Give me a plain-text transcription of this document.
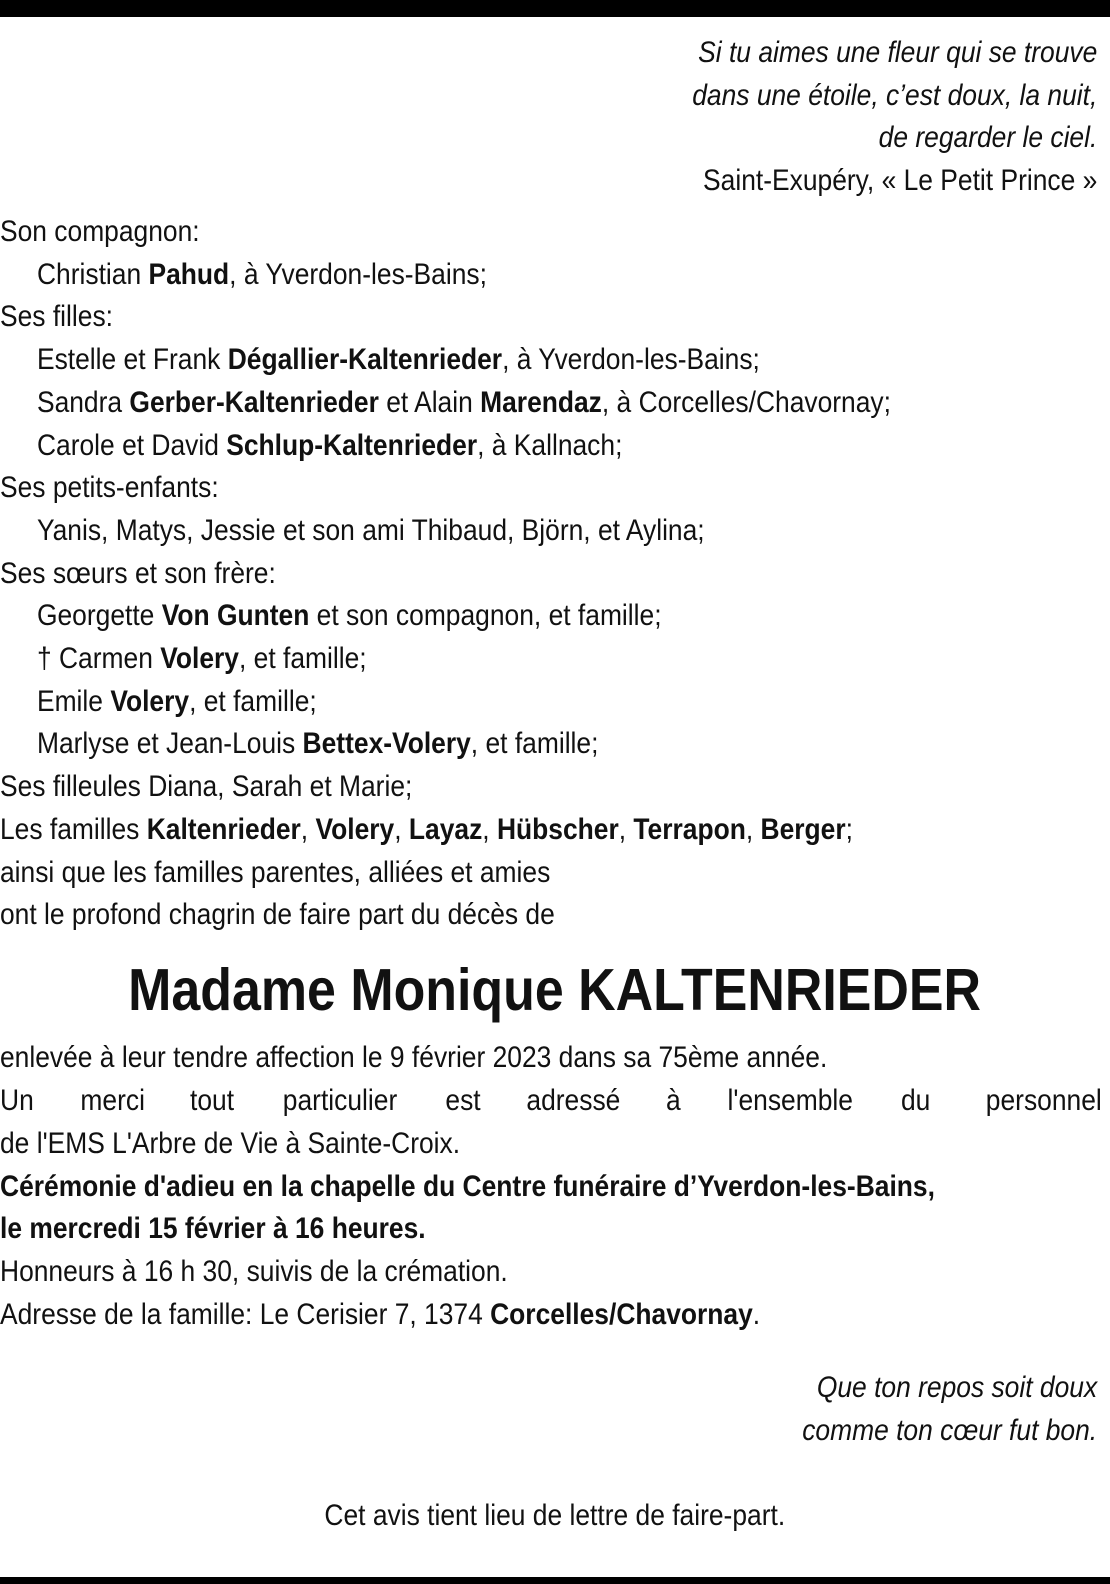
Si tu aimes une fleur qui se trouve
dans une étoile, c’est doux, la nuit,
de regarder le ciel.
Saint-Exupéry, « Le Petit Prince »
Son compagnon:
Christian Pahud, à Yverdon-les-Bains;
Ses filles:
Estelle et Frank Dégallier-Kaltenrieder, à Yverdon-les-Bains;
Sandra Gerber-Kaltenrieder et Alain Marendaz, à Corcelles/Chavornay;
Carole et David Schlup-Kaltenrieder, à Kallnach;
Ses petits-enfants:
Yanis, Matys, Jessie et son ami Thibaud, Björn, et Aylina;
Ses sœurs et son frère:
Georgette Von Gunten et son compagnon, et famille;
† Carmen Volery, et famille;
Emile Volery, et famille;
Marlyse et Jean-Louis Bettex-Volery, et famille;
Ses filleules Diana, Sarah et Marie;
Les familles Kaltenrieder, Volery, Layaz, Hübscher, Terrapon, Berger;
ainsi que les familles parentes, alliées et amies
ont le profond chagrin de faire part du décès de
Madame Monique KALTENRIEDER
enlevée à leur tendre affection le 9 février 2023 dans sa 75ème année.
Un merci tout particulier est adressé à l'ensemble du personnel
de l'EMS L'Arbre de Vie à Sainte-Croix.
Cérémonie d'adieu en la chapelle du Centre funéraire d’Yverdon-les-Bains,
le mercredi 15 février à 16 heures.
Honneurs à 16 h 30, suivis de la crémation.
Adresse de la famille: Le Cerisier 7, 1374 Corcelles/Chavornay.
Que ton repos soit doux
comme ton cœur fut bon.
Cet avis tient lieu de lettre de faire-part.
